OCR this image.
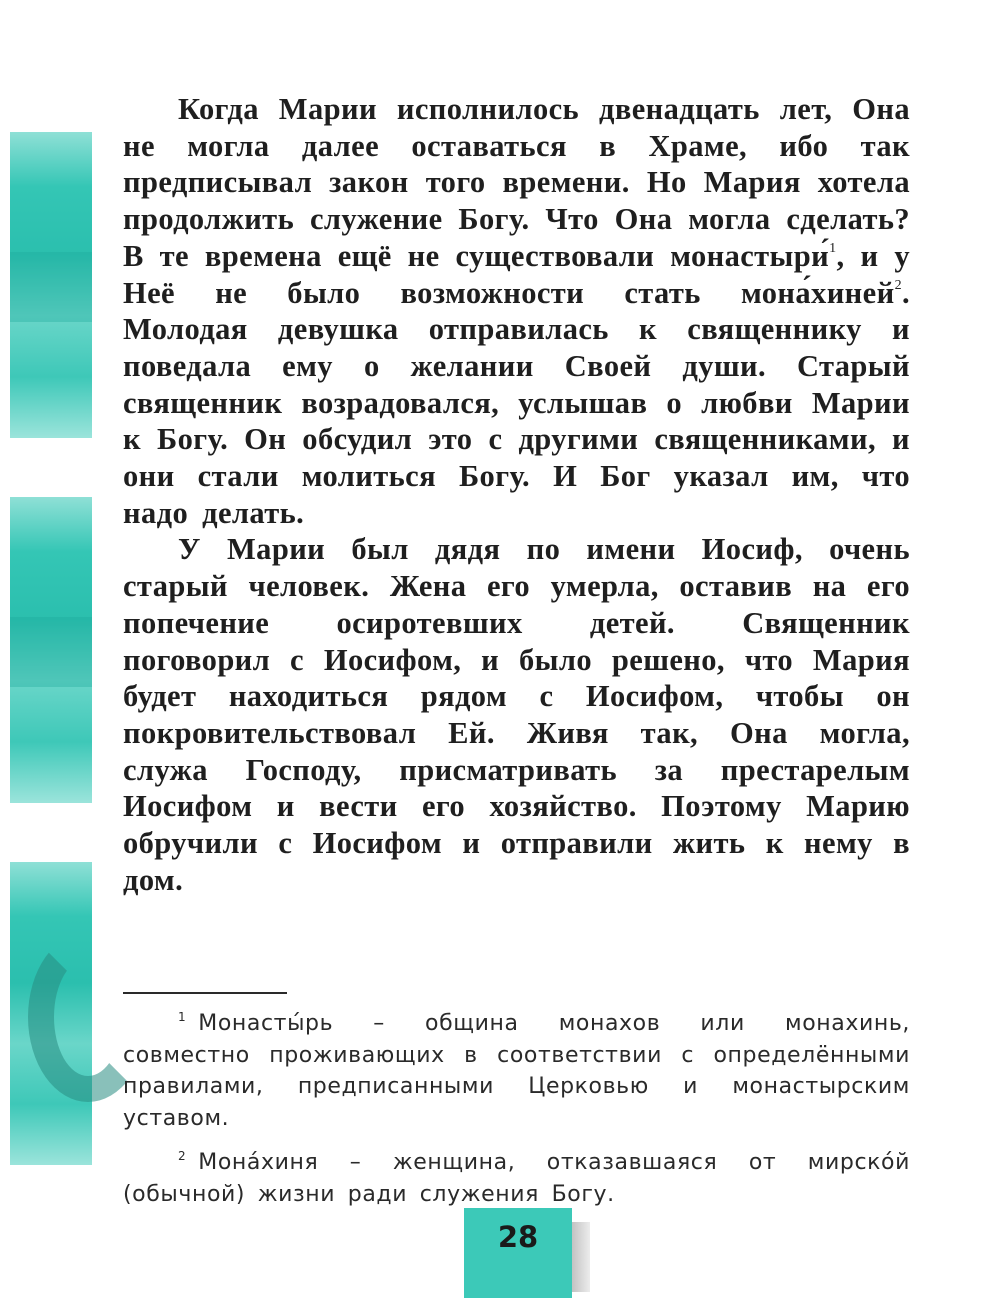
Когда Марии исполнилось двенадцать лет, Она не могла далее оставаться в Храме, ибо так предписывал закон того времени. Но Мария хотела продолжить служение Богу. Что Она могла сделать? В те времена ещё не существовали монастыри́$^1$, и у Неё не было возможности стать мона́хиней$^2$. Молодая девушка отправилась к священнику и поведала ему о желании Своей души. Старый священник возрадовался, услышав о любви Марии к Богу. Он обсудил это с другими священниками, и они стали молиться Богу. И Бог указал им, что надо делать.

У Марии был дядя по имени Иосиф, очень старый человек. Жена его умерла, оставив на его попечение осиротевших детей. Священник поговорил с Иосифом, и было решено, что Мария будет находиться рядом с Иосифом, чтобы он покровительствовал Ей. Живя так, Она могла, служа Господу, присматривать за престарелым Иосифом и вести его хозяйство. Поэтому Марию обручили с Иосифом и отправили жить к нему в дом.

$^1$ Монасты́рь – община монахов или монахинь, совместно проживающих в соответствии с определёнными правилами, предписанными Церковью и монастырским уставом.

$^2$ Мона́хиня – женщина, отказавшаяся от мирско́й (обычной) жизни ради служения Богу.

28
